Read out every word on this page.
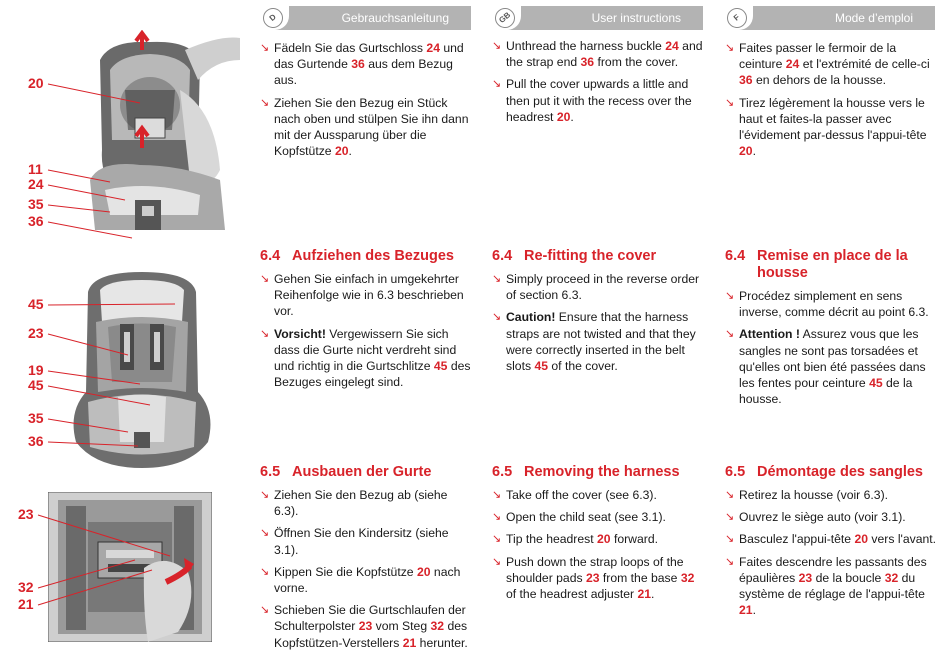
D	Gebrauchsanleitung	GB	User instructions	F	Mode d’emploi
20
11
24
35
36
45
23
19
45
35
36
23
32
21
↘ Fädeln Sie das Gurtschloss 24 und das Gurtende 36 aus dem Bezug aus.
↘ Ziehen Sie den Bezug ein Stück nach oben und stülpen Sie ihn dann mit der Aussparung über die Kopfstütze 20.
6.4 Aufziehen des Bezuges
↘ Gehen Sie einfach in umgekehrter Reihenfolge wie in 6.3 beschrieben vor.
↘ Vorsicht! Vergewissern Sie sich dass die Gurte nicht verdreht sind und richtig in die Gurtschlitze 45 des Bezuges eingelegt sind.
6.5 Ausbauen der Gurte
↘ Ziehen Sie den Bezug ab (siehe 6.3).
↘ Öffnen Sie den Kindersitz (siehe 3.1).
↘ Kippen Sie die Kopfstütze 20 nach vorne.
↘ Schieben Sie die Gurtschlaufen der Schulterpolster 23 vom Steg 32 des Kopfstützen-Verstellers 21 herunter.
↘ Unthread the harness buckle 24 and the strap end 36 from the cover.
↘ Pull the cover upwards a little and then put it with the recess over the headrest 20.
6.4 Re-fitting the cover
↘ Simply proceed in the reverse order of section 6.3.
↘ Caution! Ensure that the harness straps are not twisted and that they were correctly inserted in the belt slots 45 of the cover.
6.5 Removing the harness
↘ Take off the cover (see 6.3).
↘ Open the child seat (see 3.1).
↘ Tip the headrest 20 forward.
↘ Push down the strap loops of the shoulder pads 23 from the base 32 of the headrest adjuster 21.
↘ Faites passer le fermoir de la ceinture 24 et l'extrémité de celle-ci 36 en dehors de la housse.
↘ Tirez légèrement la housse vers le haut et faites-la passer avec l'évidement par-dessus l'appui-tête 20.
6.4 Remise en place de la housse
↘ Procédez simplement en sens inverse, comme décrit au point 6.3.
↘ Attention ! Assurez vous que les sangles ne sont pas torsadées et qu'elles ont bien été passées dans les fentes pour ceinture 45 de la housse.
6.5 Démontage des sangles
↘ Retirez la housse (voir 6.3).
↘ Ouvrez le siège auto (voir 3.1).
↘ Basculez l'appui-tête 20 vers l'avant.
↘ Faites descendre les passants des épaulières 23 de la boucle 32 du système de réglage de l'appui-tête 21.
